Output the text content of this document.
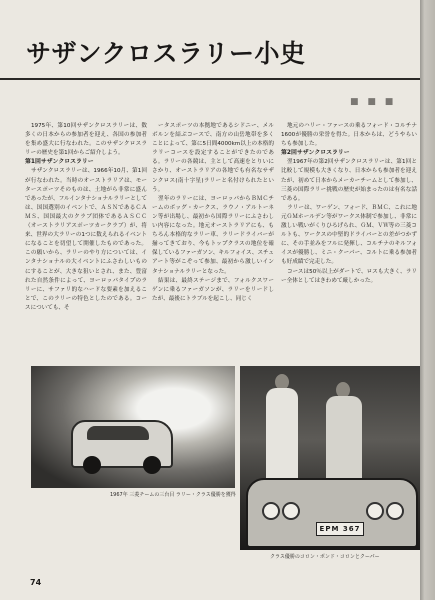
サザンクロスラリー小史
■ ■ ■

1975年、第10回サザンクロスラリーは、数多くの日本からの参加者を迎え、各国の参加者を集め盛大に行なわれた。このサザンクロスラリーの歴史を第1回からご紹介しよう。

第1回サザンクロスラリー

サザンクロスラリーは、1966年10月、第1回が行なわれた。当時のオーストラリアは、モータースポーツそのものは、土地がら非常に盛んであったが、フルインタナショナルラリーとしては、国国選別のイベントで、ＡＳＮであるＣＡＭＳ、国国最大のクラブ団体であるＡＳＣＣ（オーストラリアスポーツカークラブ）が、将来、世界の大ラリーの1つに数えられるイベントになることを切望して開催したものであった。この願いから、ラリーのやり方については、インタナショナルの大イベントにふさわしいものにすることが、大きな狙いとされ、また、豊富れた自然条件によって、ヨーロッパタイプのラリーに、サファリ的なハードな要素を加えることで、このラリーの特色としたのである。コースについても、そ

ータスポーツの本拠地であるシドニー、メルボルンを結ぶコースで、南方の山岳地帯を多くことによって、第に5日間4000km以上の本格的ラリーコースを設定することができたのである。ラリーの各競は、主として高速をとりいにさかり、オーストラリアの各地でも有名なサザンクロス(南十字星)ラリーと名付けられたという。

翌年のラリーには、ヨーロッパからＢＭＣチームのボッグ・カークス、ラウノ・アルトーネン等が出場し、最初から国際ラリーにふさわしい内容になった。地元オーストラリアにも、もちろん本格的なラリー車、ラリードライバーが揃ってきており、今もトップクラスの地位を確保しているファーガソン、キルフォイス、スチュアート等がこぞって参加、最初から激しいインタナショナルラリーとなった。

結果は、最終ステージまで、フォルクスワーゲンに乗るファーガソンが、ラリーをリードしたが、最後にトラブルを起こし、同じく

地元のハリー・ファースの乗るフォード・コルチナ1600が優勝の栄誉を得た。日本からは、どうやらいちも参加した。

第2回サザンクロスラリー

翌1967年の第2回サザンクロスラリーは、第1回と比較して規模も大きくなり、日本からも参加者を迎えたが、初めて日本からメーカーチームとして参加し、三菱の国際ラリー挑戦の歴史が始まったのは有名な話である。

ラリーは、ワーゲン、フォード、ＢＭＣ、これに地元ＧＭホールデン等がワークス体制で参加し、非常に激しい戦いがくりひろげられ、ＧＭ、ＶＷ等の三菱コルトも、ワークスの中堅的ドライバーとの差がつかずに、その手並みをフルに発揮し、コルチナのキルフォイスが優勝し、ミニ・クーパー、コルトに乗る参加者も好成績で完走した。

コースは50％以上がダートで、ロスも大きく、ラリー全体としてはきわめて厳しかった。

EPM 367
1967年 三菱チームの三台目 ラリー・クラス優勝を獲得
クラス優勝のコロン・ボンド・コロンとクーパー
74
